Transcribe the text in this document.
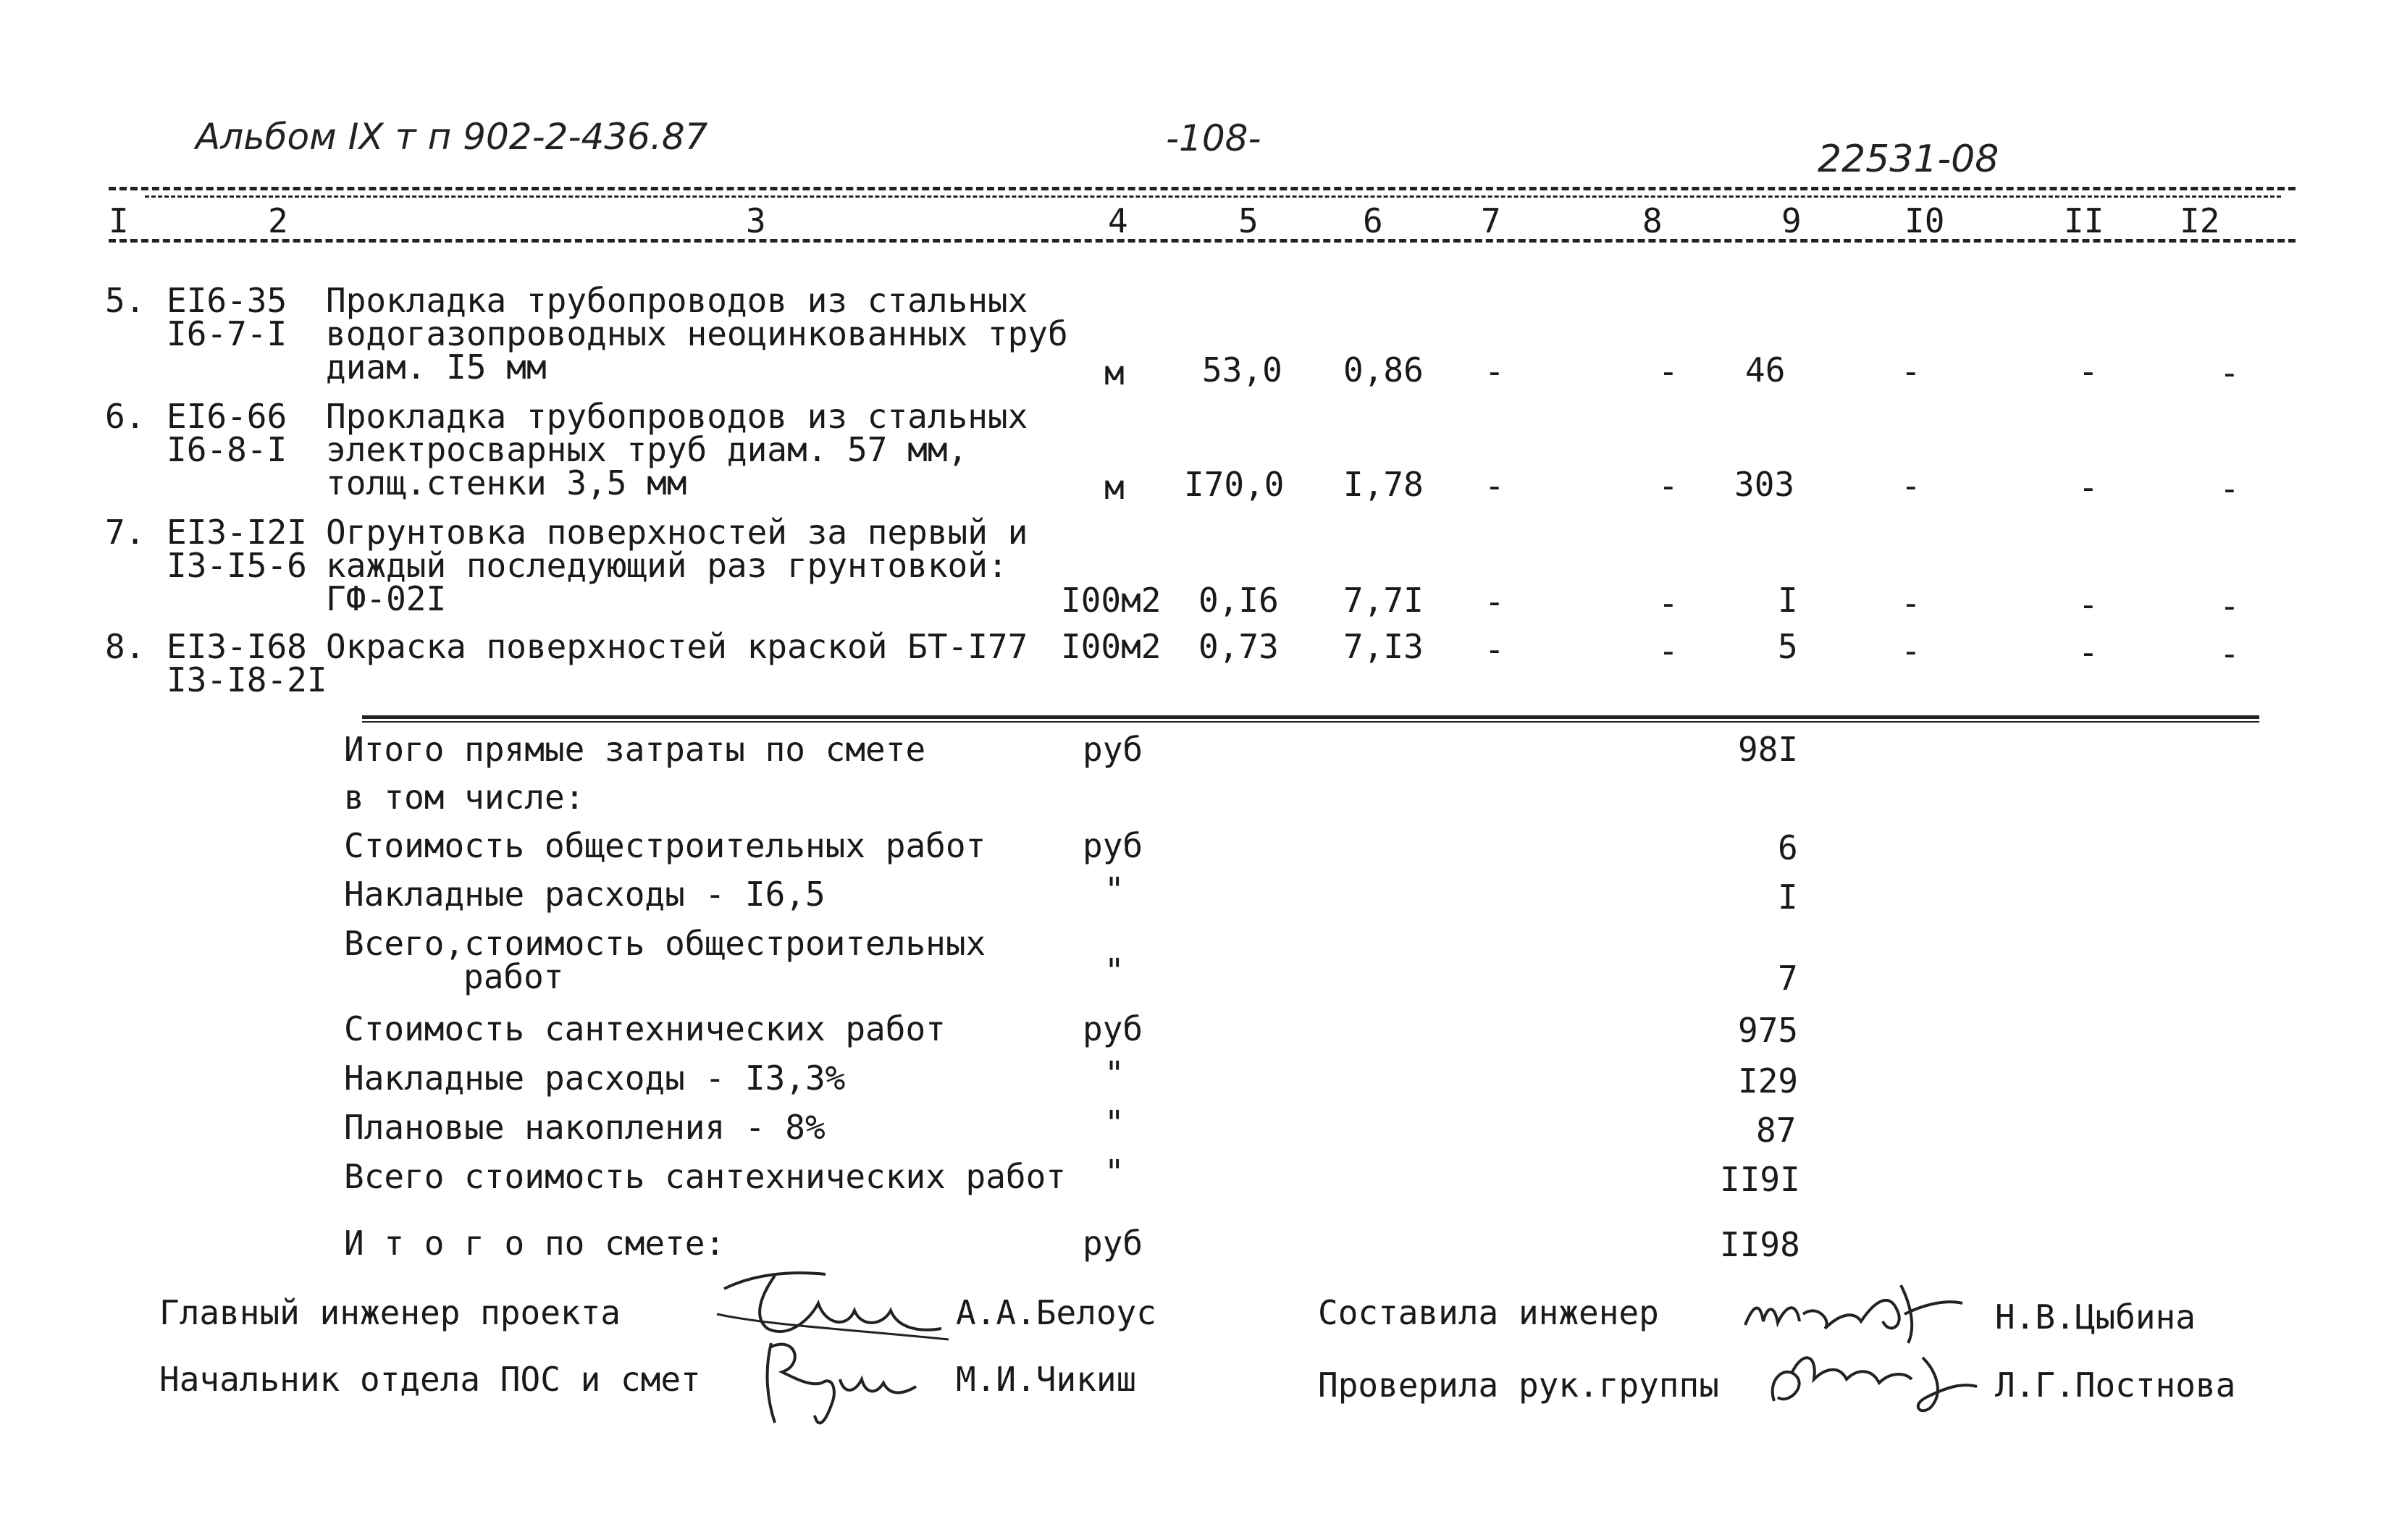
Альбом IX т п 902-2-436.87	-108-	22531-08
I	2	3	4	5	6	7	8	9	I0	II I2
5. EI6-35
I6-7-I
Прокладка трубопроводов из стальных
водогазопроводных неоцинкованных труб
диам. I5 мм	м 53,0 0,86 -	- 46	-	-	-
6. EI6-66
I6-8-I
Прокладка трубопроводов из стальных
электросварных труб диам. 57 мм,
толщ.стенки 3,5 мм	м I70,0 I,78 -	- 303	-	-	-
7. EI3-I2I
I3-I5-6
Огрунтовка поверхностей за первый и
каждый последующий раз грунтовкой:
ГФ-02I	I00м2 0,I6 7,7I -	-	I	-	-	-
8. EI3-I68
I3-I8-2I
Окраска поверхностей краской БТ-I77 I00м2 0,73 7,I3 -	-	5	-	-	-
Итого прямые затраты по смете	руб	98I
в том числе:
Стоимость общестроительных работ	руб	6
Накладные расходы - I6,5	"	I
Всего,стоимость общестроительных
работ	"	7
Стоимость сантехнических работ	руб	975
Накладные расходы - I3,3%	"	I29
Плановые накопления - 8%	"	87
Всего стоимость сантехнических работ "	II9I
И т о г о по смете:	руб	II98
Главный инженер проекта	А.А.Белоус
Начальник отдела ПОС и смет	М.И.Чикиш
Составила инженер	Н.В.Цыбина
Проверила рук.группы	Л.Г.Постнова
